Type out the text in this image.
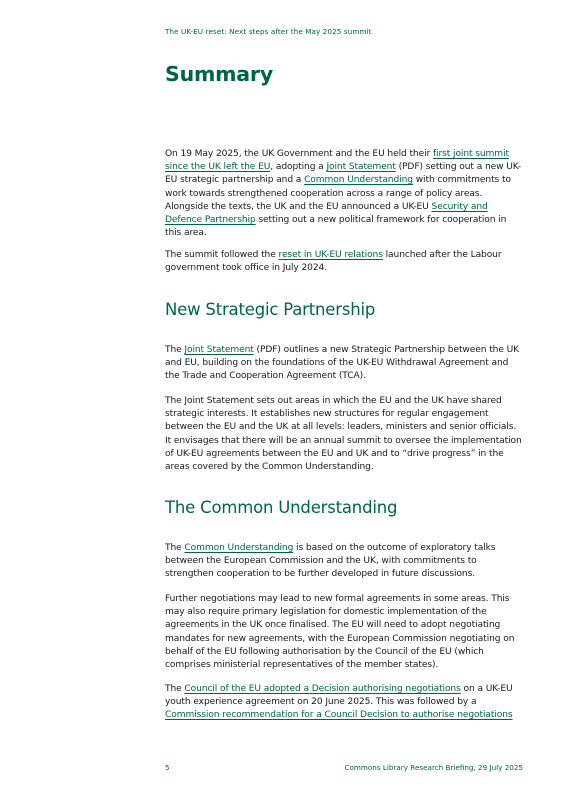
The UK-EU reset: Next steps after the May 2025 summit
Summary

On 19 May 2025, the UK Government and the EU held their first joint summit since the UK left the EU, adopting a Joint Statement (PDF) setting out a new UK-EU strategic partnership and a Common Understanding with commitments to work towards strengthened cooperation across a range of policy areas. Alongside the texts, the UK and the EU announced a UK-EU Security and Defence Partnership setting out a new political framework for cooperation in this area.

The summit followed the reset in UK-EU relations launched after the Labour government took office in July 2024.

New Strategic Partnership

The Joint Statement (PDF) outlines a new Strategic Partnership between the UK and EU, building on the foundations of the UK-EU Withdrawal Agreement and the Trade and Cooperation Agreement (TCA).

The Joint Statement sets out areas in which the EU and the UK have shared strategic interests. It establishes new structures for regular engagement between the EU and the UK at all levels: leaders, ministers and senior officials. It envisages that there will be an annual summit to oversee the implementation of UK-EU agreements between the EU and UK and to “drive progress” in the areas covered by the Common Understanding.

The Common Understanding

The Common Understanding is based on the outcome of exploratory talks between the European Commission and the UK, with commitments to strengthen cooperation to be further developed in future discussions.

Further negotiations may lead to new formal agreements in some areas. This may also require primary legislation for domestic implementation of the agreements in the UK once finalised. The EU will need to adopt negotiating mandates for new agreements, with the European Commission negotiating on behalf of the EU following authorisation by the Council of the EU (which comprises ministerial representatives of the member states).

The Council of the EU adopted a Decision authorising negotiations on a UK-EU youth experience agreement on 20 June 2025. This was followed by a Commission recommendation for a Council Decision to authorise negotiations

5	Commons Library Research Briefing, 29 July 2025
